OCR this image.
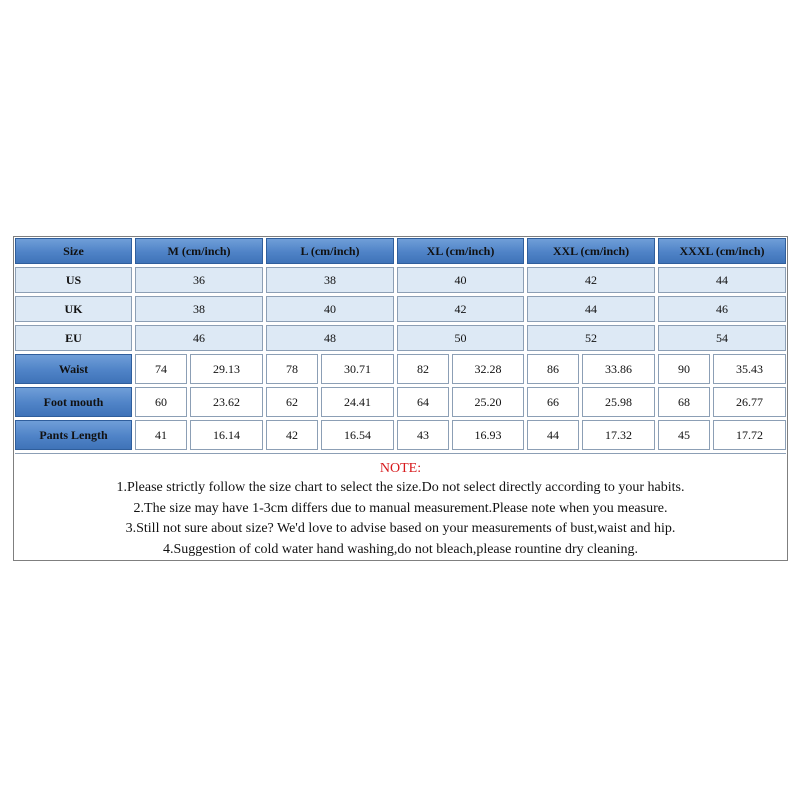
Size	M (cm/inch)	L (cm/inch)	XL (cm/inch)	XXL (cm/inch)	XXXL (cm/inch)
US	36	38	40	42	44
UK	38	40	42	44	46
EU	46	48	50	52	54
Waist	74	29.13	78	30.71	82	32.28	86	33.86	90	35.43
Foot mouth	60	23.62	62	24.41	64	25.20	66	25.98	68	26.77
Pants Length	41	16.14	42	16.54	43	16.93	44	17.32	45	17.72
NOTE:
1.Please strictly follow the size chart to select the size.Do not select directly according to your habits.
2.The size may have 1-3cm differs due to manual measurement.Please note when you measure.
3.Still not sure about size? We'd love to advise based on your measurements of bust,waist and hip.
4.Suggestion of cold water hand washing,do not bleach,please rountine dry cleaning.
